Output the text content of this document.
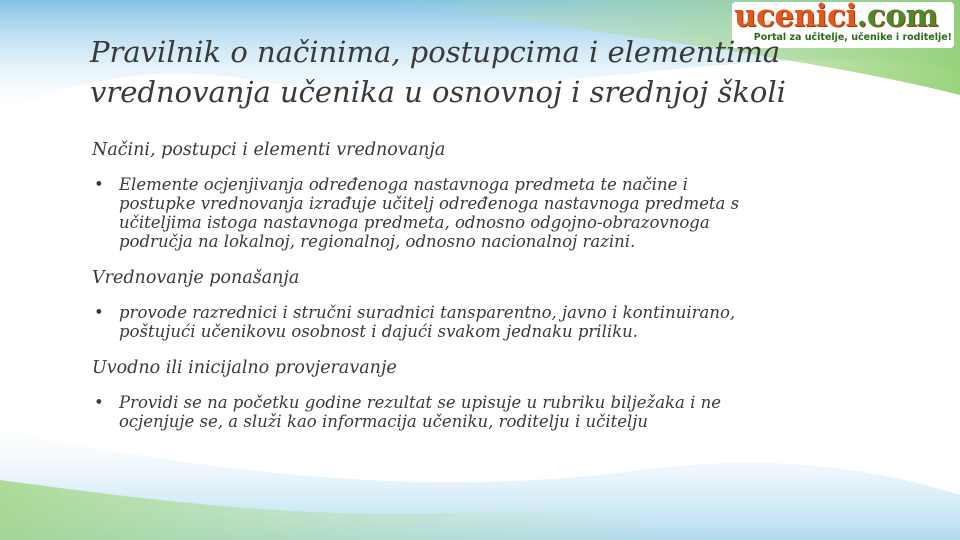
ucenici.com
Portal za učitelje, učenike i roditelje!
Pravilnik o načinima, postupcima i elementima
vrednovanja učenika u osnovnoj i srednjoj školi

Načini, postupci i elementi vrednovanja

• Elemente ocjenjivanja određenoga nastavnoga predmeta te načine i
postupke vrednovanja izrađuje učitelj određenoga nastavnoga predmeta s
učiteljima istoga nastavnoga predmeta, odnosno odgojno-obrazovnoga
područja na lokalnoj, regionalnoj, odnosno nacionalnoj razini.

Vrednovanje ponašanja

• provode razrednici i stručni suradnici tansparentno, javno i kontinuirano,
poštujući učenikovu osobnost i dajući svakom jednaku priliku.

Uvodno ili inicijalno provjeravanje

• Providi se na početku godine rezultat se upisuje u rubriku bilježaka i ne
ocjenjuje se, a služi kao informacija učeniku, roditelju i učitelju
